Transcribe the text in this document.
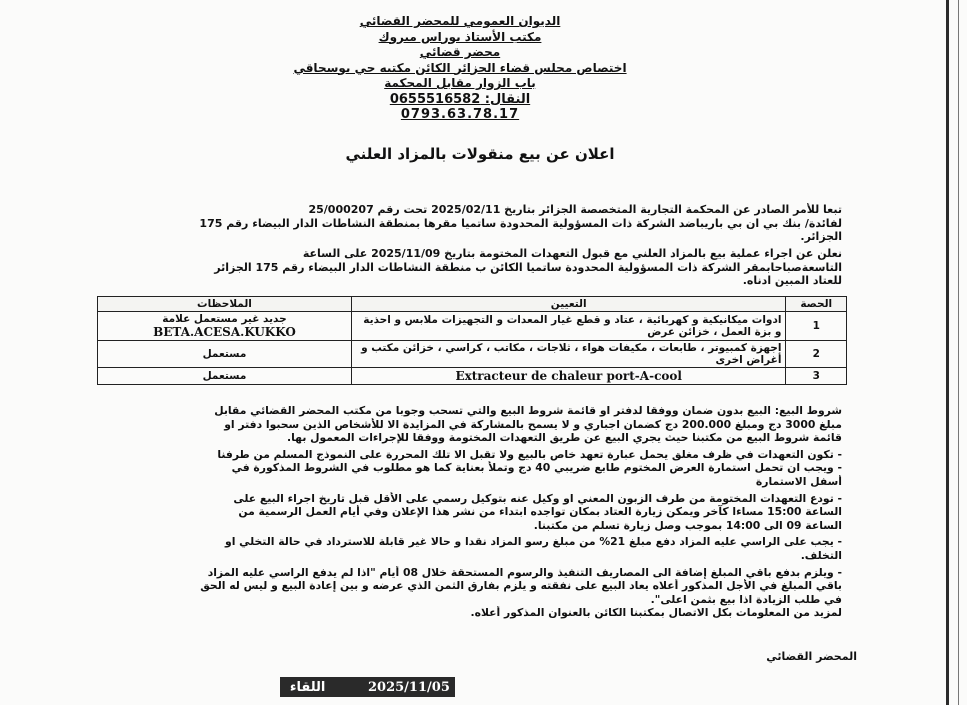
الديوان العمومي للمحضر القضائي
مكتب الأستاذ بوراس مبروك
محضر قضائي
اختصاص مجلس قضاء الجزائر الكائن مكتبه حي بوسحاقي
باب الزوار مقابل المحكمة
النقال: 0655516582
0793.63.78.17
اعلان عن بيع منقولات بالمزاد العلني
تبعا للأمر الصادر عن المحكمة التجارية المتخصصة الجزائر بتاريخ 2025/02/11 تحت رقم 25/000207
لفائدة/ بنك بي ان بي باريباضد الشركة ذات المسؤولية المحدودة ساتميا مقرها بمنطقة النشاطات الدار البيضاء رقم 175
الجزائر.
نعلن عن اجراء عملية بيع بالمزاد العلني مع قبول التعهدات المختومة بتاريخ 2025/11/09 على الساعة
التاسعةصباحابمقر الشركة ذات المسؤولية المحدودة ساتميا الكائن ب منطقة النشاطات الدار البيضاء رقم 175 الجزائر
للعتاد المبين ادناه.
الحصة	التعيين	الملاحظات
1	ادوات ميكانيكية و كهربائية ، عتاد و قطع غيار المعدات و التجهيزات ملابس و احذية و بزة العمل ، خزائن عرض	جديد غير مستعمل علامة
BETA.ACESA.KUKKO

2	اجهزة كمبيوتر ، طابعات ، مكيفات هواء ، ثلاجات ، مكاتب ، كراسي ، خزائن مكتب و أغراض اخرى	مستعمل
3	Extracteur de chaleur port-A-cool	مستعمل

شروط البيع: البيع بدون ضمان ووفقا لدفتر او قائمة شروط البيع والتي تسحب وجوبا من مكتب المحضر القضائي مقابل

مبلغ 3000 دج ومبلغ 200.000 دج كضمان اجباري و لا يسمح بالمشاركة في المزايدة الا للأشخاص الذين سحبوا دفتر او

قائمة شروط البيع من مكتبنا حيث يجري البيع عن طريق التعهدات المختومة ووفقا للإجراءات المعمول بها.

- تكون التعهدات في ظرف مغلق يحمل عبارة تعهد خاص بالبيع ولا تقبل الا تلك المحررة على النموذج المسلم من طرفنا

- ويجب ان تحمل استمارة العرض المختوم طابع ضريبي 40 دج وتملأ بعناية كما هو مطلوب في الشروط المذكورة في

أسفل الاستمارة

- تودع التعهدات المختومة من طرف الزبون المعني او وكيل عنه بتوكيل رسمي على الأقل قبل تاريخ اجراء البيع على

الساعة 15:00 مساءا كآخر ويمكن زيارة العتاد بمكان تواجده ابتداء من نشر هذا الإعلان وفي أيام العمل الرسمية من

الساعة 09 الى 14:00 بموجب وصل زيارة تسلم من مكتبنا.

- يجب على الراسي عليه المزاد دفع مبلغ 21% من مبلغ رسو المزاد نقدا و حالا غير قابلة للاسترداد في حالة التخلي او

التخلف.

- ويلزم بدفع باقي المبلغ إضافة الى المصاريف التنفيذ والرسوم المستحقة خلال 08 أيام "اذا لم يدفع الراسي عليه المزاد

باقي المبلغ في الأجل المذكور أعلاه يعاد البيع على نفقته و يلزم بفارق الثمن الذي عرضه و بين إعادة البيع و ليس له الحق

في طلب الزيادة اذا بيع بثمن اعلى".

لمزيد من المعلومات بكل الاتصال بمكتبنا الكائن بالعنوان المذكور أعلاه.

المحضر القضائي
2025/11/05
اللقاء
